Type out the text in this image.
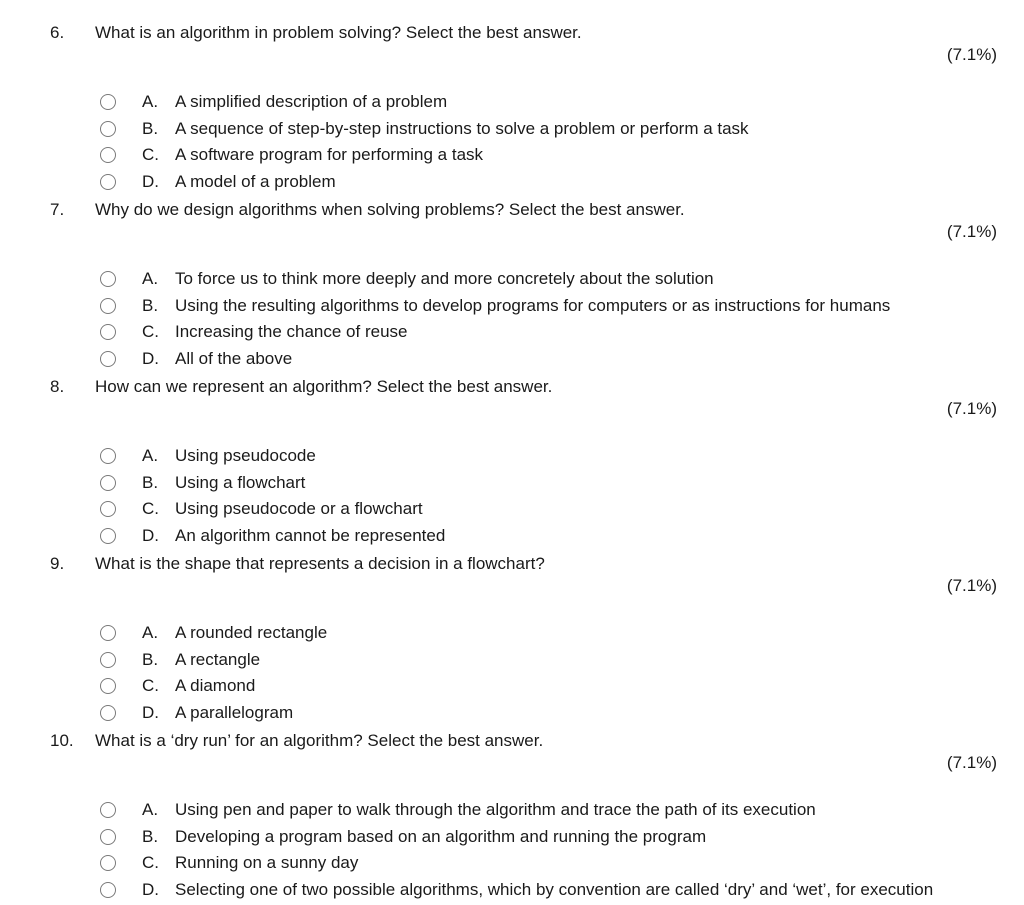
6. What is an algorithm in problem solving? Select the best answer.
(7.1%)
A. A simplified description of a problem
B. A sequence of step-by-step instructions to solve a problem or perform a task
C. A software program for performing a task
D. A model of a problem
7. Why do we design algorithms when solving problems? Select the best answer.
(7.1%)
A. To force us to think more deeply and more concretely about the solution
B. Using the resulting algorithms to develop programs for computers or as instructions for humans
C. Increasing the chance of reuse
D. All of the above
8. How can we represent an algorithm? Select the best answer.
(7.1%)
A. Using pseudocode
B. Using a flowchart
C. Using pseudocode or a flowchart
D. An algorithm cannot be represented
9. What is the shape that represents a decision in a flowchart?
(7.1%)
A. A rounded rectangle
B. A rectangle
C. A diamond
D. A parallelogram
10. What is a ‘dry run’ for an algorithm? Select the best answer.
(7.1%)
A. Using pen and paper to walk through the algorithm and trace the path of its execution
B. Developing a program based on an algorithm and running the program
C. Running on a sunny day
D. Selecting one of two possible algorithms, which by convention are called ‘dry’ and ‘wet’, for execution
